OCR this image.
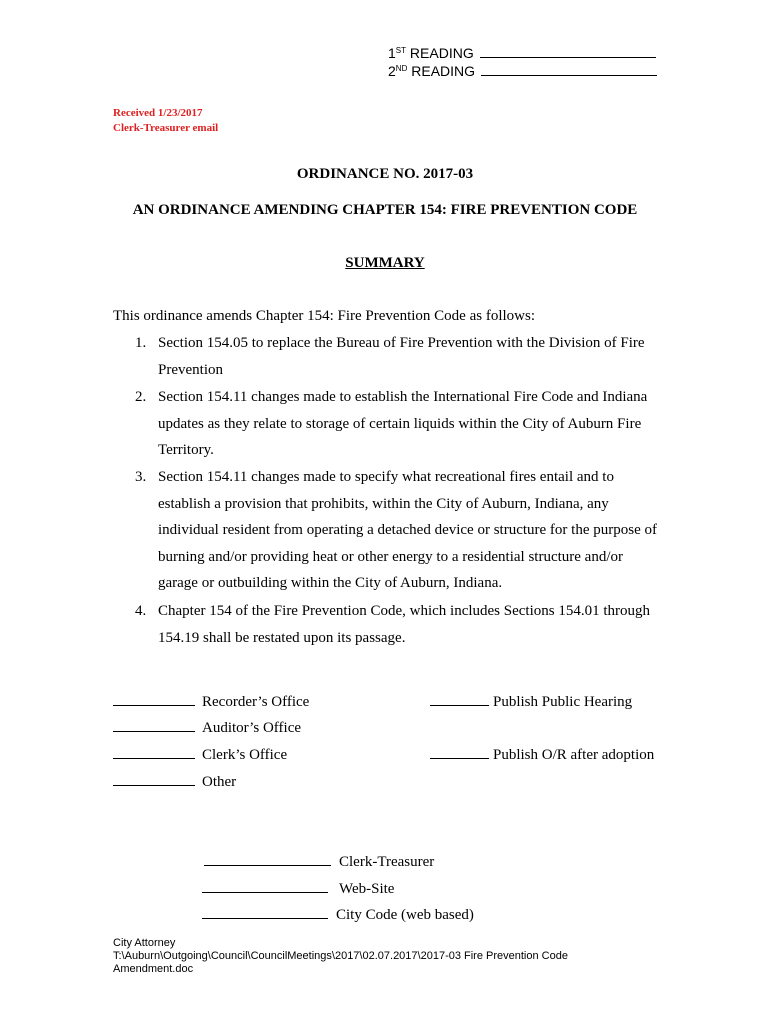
1ST READING
2ND READING
Received 1/23/2017
Clerk-Treasurer email
ORDINANCE NO. 2017-03
AN ORDINANCE AMENDING CHAPTER 154: FIRE PREVENTION CODE
SUMMARY
This ordinance amends Chapter 154: Fire Prevention Code as follows:
1. Section 154.05 to replace the Bureau of Fire Prevention with the Division of Fire Prevention
2. Section 154.11 changes made to establish the International Fire Code and Indiana updates as they relate to storage of certain liquids within the City of Auburn Fire Territory.
3. Section 154.11 changes made to specify what recreational fires entail and to establish a provision that prohibits, within the City of Auburn, Indiana, any individual resident from operating a detached device or structure for the purpose of burning and/or providing heat or other energy to a residential structure and/or garage or outbuilding within the City of Auburn, Indiana.
4. Chapter 154 of the Fire Prevention Code, which includes Sections 154.01 through 154.19 shall be restated upon its passage.
Recorder’s Office
Auditor’s Office
Clerk’s Office
Other
Publish Public Hearing
Publish O/R after adoption
Clerk-Treasurer
Web-Site
City Code (web based)
City Attorney
T:\Auburn\Outgoing\Council\CouncilMeetings\2017\02.07.2017\2017-03 Fire Prevention Code
Amendment.doc
